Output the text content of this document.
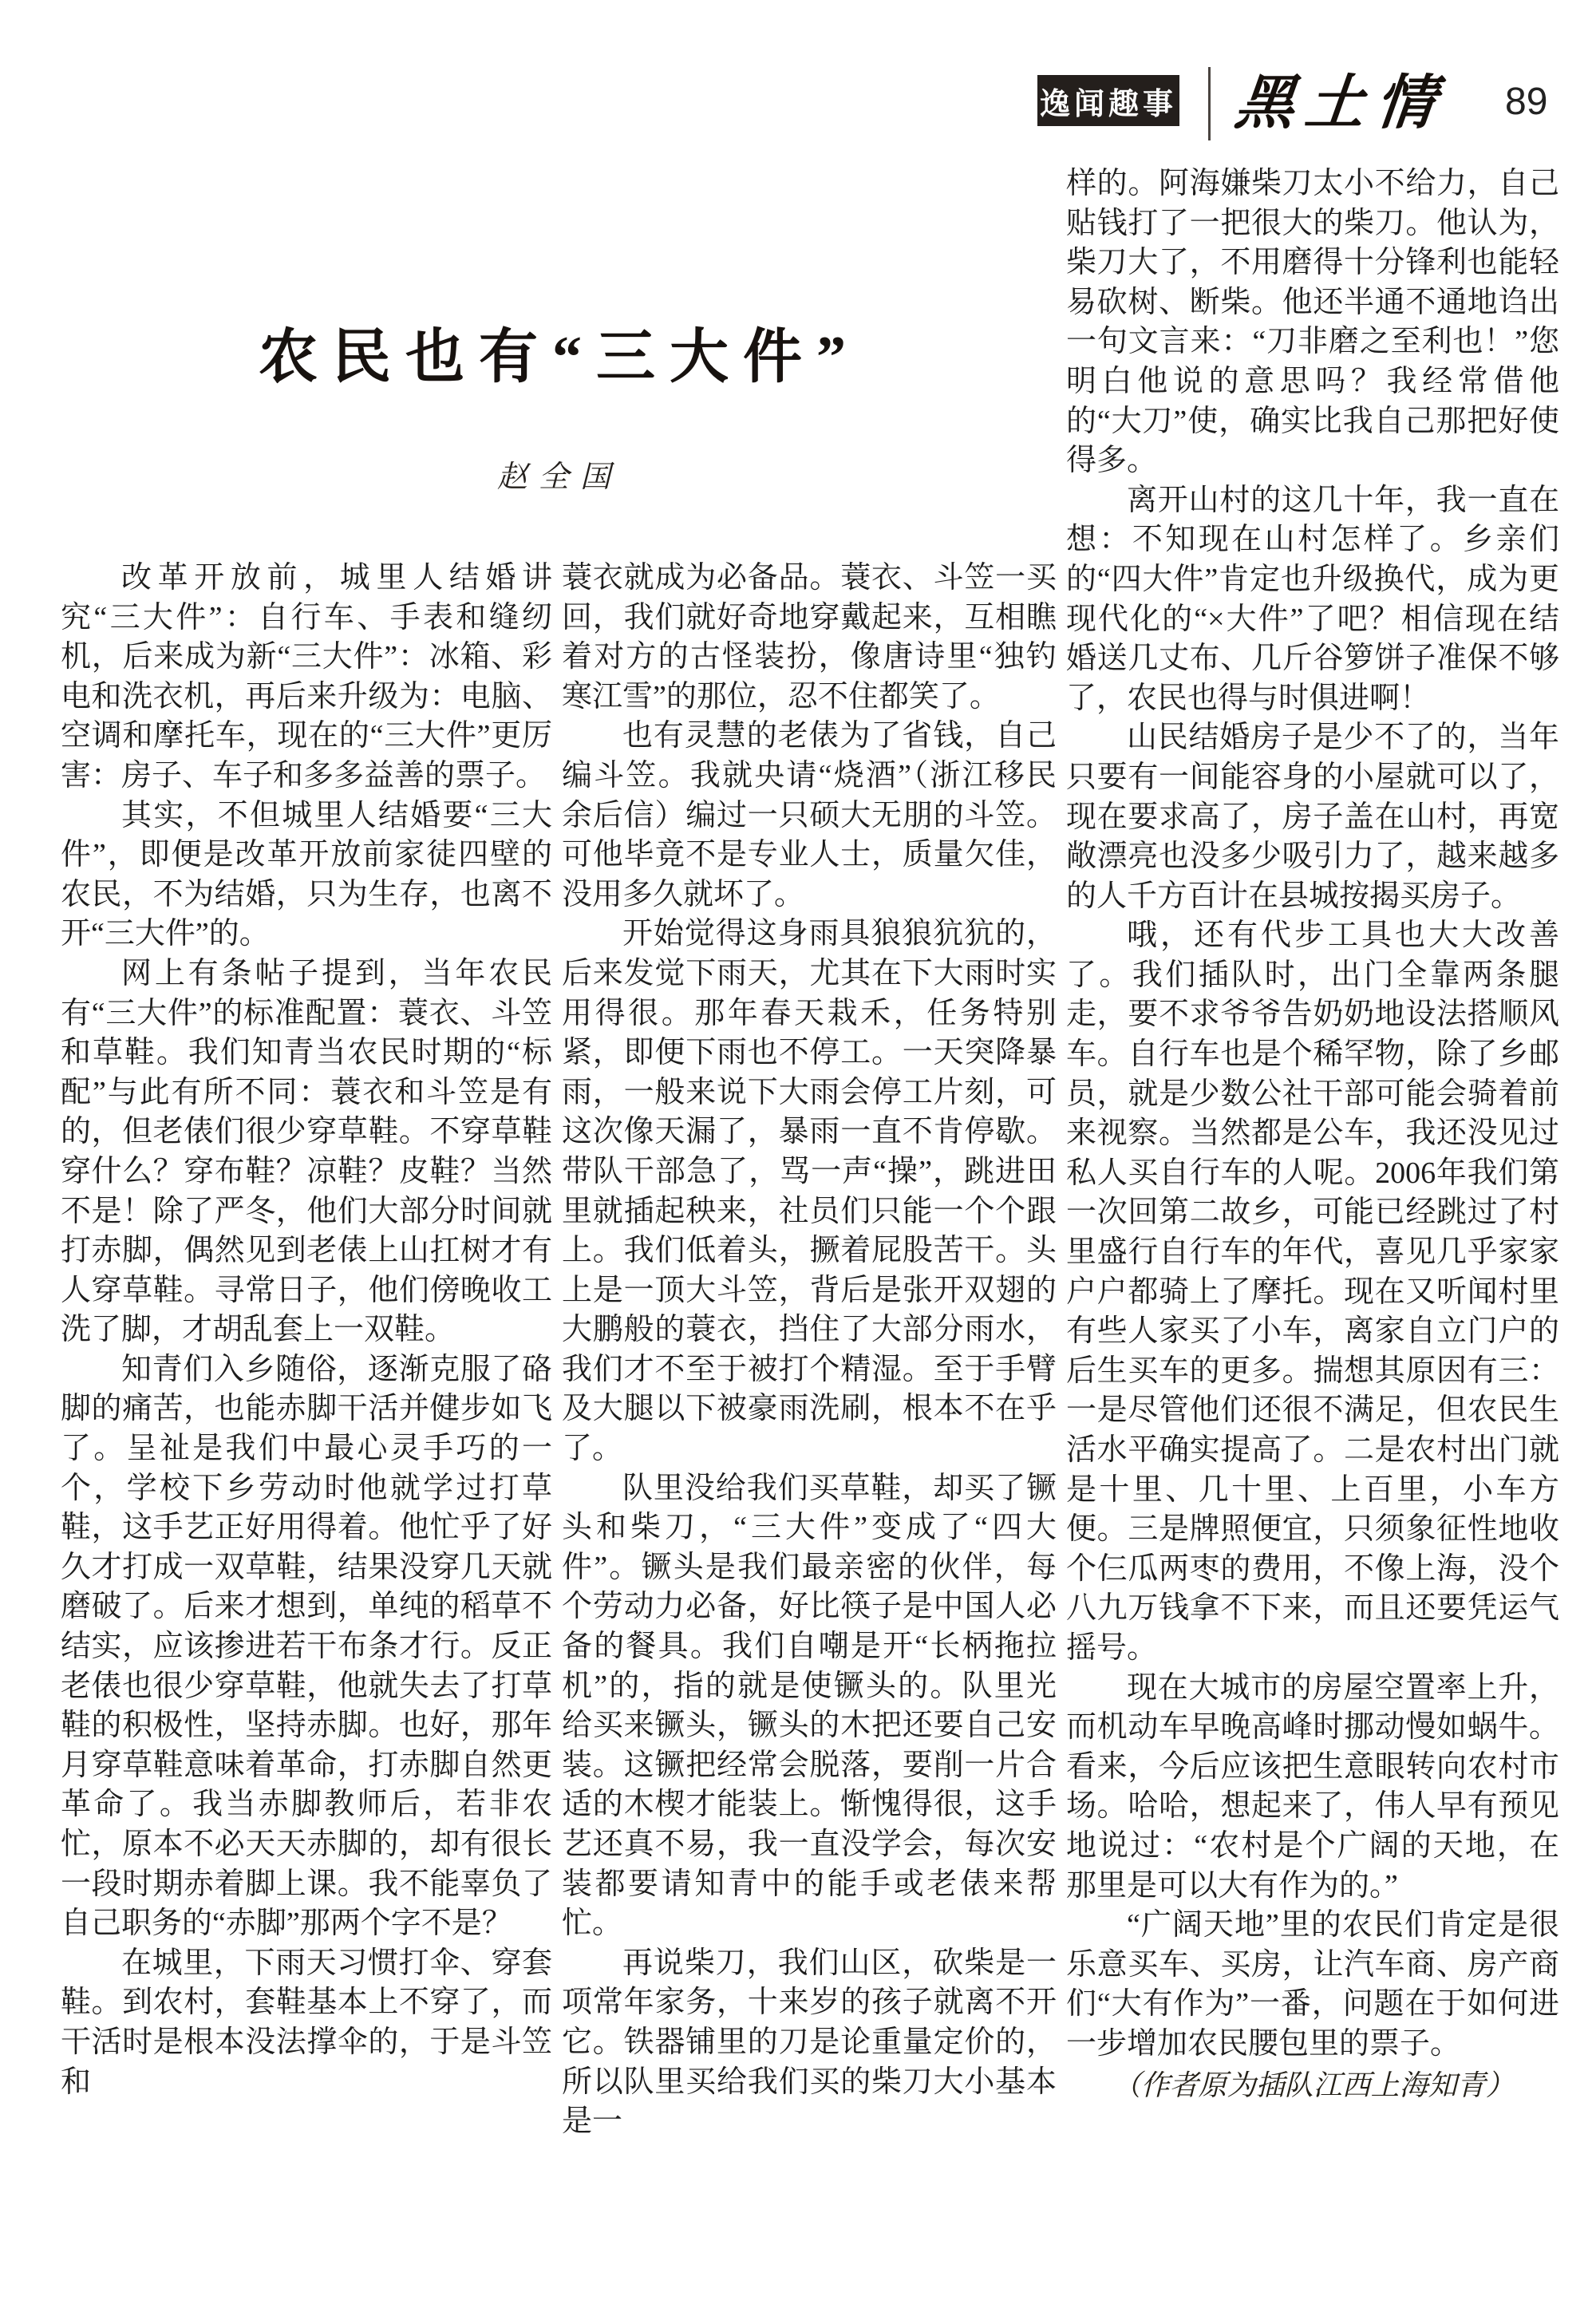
逸闻趣事 黑土情 89
农民也有“三大件”
赵全国

改革开放前，城里人结婚讲究“三大件”：自行车、手表和缝纫机，后来成为新“三大件”：冰箱、彩电和洗衣机，再后来升级为：电脑、空调和摩托车，现在的“三大件”更厉害：房子、车子和多多益善的票子。

其实，不但城里人结婚要“三大件”，即便是改革开放前家徒四壁的农民，不为结婚，只为生存，也离不开“三大件”的。

网上有条帖子提到，当年农民有“三大件”的标准配置：蓑衣、斗笠和草鞋。我们知青当农民时期的“标配”与此有所不同：蓑衣和斗笠是有的，但老俵们很少穿草鞋。不穿草鞋穿什么？穿布鞋？凉鞋？皮鞋？当然不是！除了严冬，他们大部分时间就打赤脚，偶然见到老俵上山扛树才有人穿草鞋。寻常日子，他们傍晚收工洗了脚，才胡乱套上一双鞋。

知青们入乡随俗，逐渐克服了硌脚的痛苦，也能赤脚干活并健步如飞了。呈祉是我们中最心灵手巧的一个，学校下乡劳动时他就学过打草鞋，这手艺正好用得着。他忙乎了好久才打成一双草鞋，结果没穿几天就磨破了。后来才想到，单纯的稻草不结实，应该掺进若干布条才行。反正老俵也很少穿草鞋，他就失去了打草鞋的积极性，坚持赤脚。也好，那年月穿草鞋意味着革命，打赤脚自然更革命了。我当赤脚教师后，若非农忙，原本不必天天赤脚的，却有很长一段时期赤着脚上课。我不能辜负了自己职务的“赤脚”那两个字不是？

在城里，下雨天习惯打伞、穿套鞋。到农村，套鞋基本上不穿了，而干活时是根本没法撑伞的，于是斗笠和

蓑衣就成为必备品。蓑衣、斗笠一买回，我们就好奇地穿戴起来，互相瞧着对方的古怪装扮，像唐诗里“独钓寒江雪”的那位，忍不住都笑了。

也有灵慧的老俵为了省钱，自己编斗笠。我就央请“烧酒”（浙江移民余后信）编过一只硕大无朋的斗笠。可他毕竟不是专业人士，质量欠佳，没用多久就坏了。

开始觉得这身雨具狼狼犺犺的，后来发觉下雨天，尤其在下大雨时实用得很。那年春天栽禾，任务特别紧，即便下雨也不停工。一天突降暴雨，一般来说下大雨会停工片刻，可这次像天漏了，暴雨一直不肯停歇。带队干部急了，骂一声“操”，跳进田里就插起秧来，社员们只能一个个跟上。我们低着头，撅着屁股苦干。头上是一顶大斗笠，背后是张开双翅的大鹏般的蓑衣，挡住了大部分雨水，我们才不至于被打个精湿。至于手臂及大腿以下被豪雨洗刷，根本不在乎了。

队里没给我们买草鞋，却买了镢头和柴刀，“三大件”变成了“四大件”。镢头是我们最亲密的伙伴，每个劳动力必备，好比筷子是中国人必备的餐具。我们自嘲是开“长柄拖拉机”的，指的就是使镢头的。队里光给买来镢头，镢头的木把还要自己安装。这镢把经常会脱落，要削一片合适的木楔才能装上。惭愧得很，这手艺还真不易，我一直没学会，每次安装都要请知青中的能手或老俵来帮忙。

再说柴刀，我们山区，砍柴是一项常年家务，十来岁的孩子就离不开它。铁器铺里的刀是论重量定价的，所以队里买给我们买的柴刀大小基本是一

样的。阿海嫌柴刀太小不给力，自己贴钱打了一把很大的柴刀。他认为，柴刀大了，不用磨得十分锋利也能轻易砍树、断柴。他还半通不通地诌出一句文言来：“刀非磨之至利也！”您明白他说的意思吗？我经常借他的“大刀”使，确实比我自己那把好使得多。

离开山村的这几十年，我一直在想：不知现在山村怎样了。乡亲们的“四大件”肯定也升级换代，成为更现代化的“×大件”了吧？相信现在结婚送几丈布、几斤谷箩饼子准保不够了，农民也得与时俱进啊！

山民结婚房子是少不了的，当年只要有一间能容身的小屋就可以了，现在要求高了，房子盖在山村，再宽敞漂亮也没多少吸引力了，越来越多的人千方百计在县城按揭买房子。

哦，还有代步工具也大大改善了。我们插队时，出门全靠两条腿走，要不求爷爷告奶奶地设法搭顺风车。自行车也是个稀罕物，除了乡邮员，就是少数公社干部可能会骑着前来视察。当然都是公车，我还没见过私人买自行车的人呢。2006年我们第一次回第二故乡，可能已经跳过了村里盛行自行车的年代，喜见几乎家家户户都骑上了摩托。现在又听闻村里有些人家买了小车，离家自立门户的后生买车的更多。揣想其原因有三：一是尽管他们还很不满足，但农民生活水平确实提高了。二是农村出门就是十里、几十里、上百里，小车方便。三是牌照便宜，只须象征性地收个仨瓜两枣的费用，不像上海，没个八九万钱拿不下来，而且还要凭运气摇号。

现在大城市的房屋空置率上升，而机动车早晚高峰时挪动慢如蜗牛。看来，今后应该把生意眼转向农村市场。哈哈，想起来了，伟人早有预见地说过：“农村是个广阔的天地，在那里是可以大有作为的。”

“广阔天地”里的农民们肯定是很乐意买车、买房，让汽车商、房产商们“大有作为”一番，问题在于如何进一步增加农民腰包里的票子。

（作者原为插队江西上海知青）
